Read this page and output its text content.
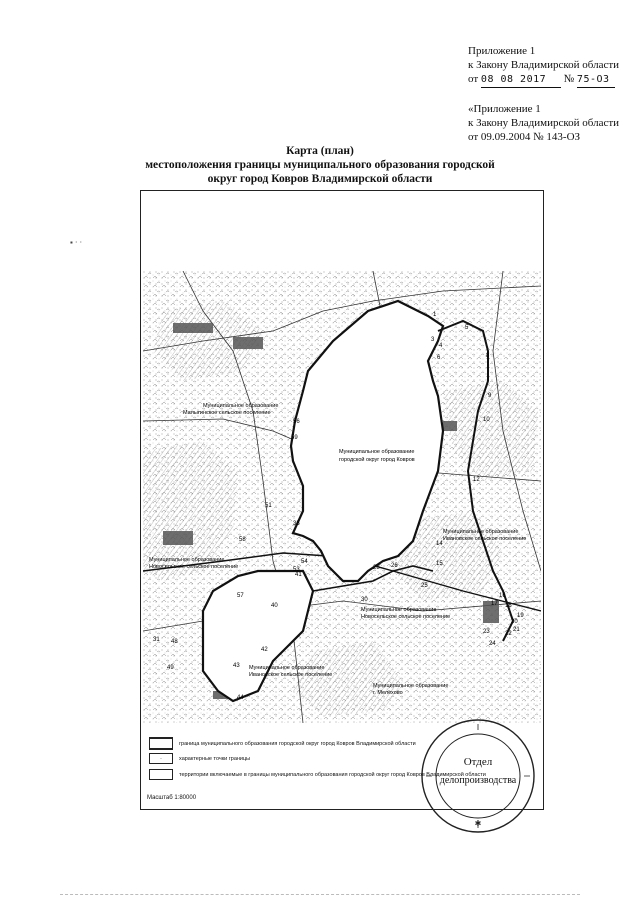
▪ · ·
Приложение 1
к Закону Владимирской области
от 08 08 2017 № 75-ОЗ
«Приложение 1
к Закону Владимирской области
от 09.09.2004 № 143-ОЗ
Карта (план)
местоположения границы муниципального образования городской
округ город Ковров Владимирской области
1
3
4
5
6	8
9
10
12
14
15
16
17 18
19
20
21
22
23
24
25
26
28
30
31
36
40
41
42
43
44
48
49
51
53
54
56
57
58
59
Муниципальное образование
городской округ город Ковров
Муниципальное образование
Малыгинское сельское поселение
Муниципальное образование
Новосельское сельское поселение
Муниципальное образование
Ивановское сельское поселение
Муниципальное образование
Новосельское сельское поселение
Муниципальное образование
Ивановское сельское поселение
Муниципальное образование
г. Мелехово
граница муниципального образования городской округ город Ковров Владимирской области
·	характерные точки границы
территории включаемые в границы муниципального образования городской округ город Ковров Владимирской области
Масштаб 1:80000
✱
Отдел
делопроизводства
